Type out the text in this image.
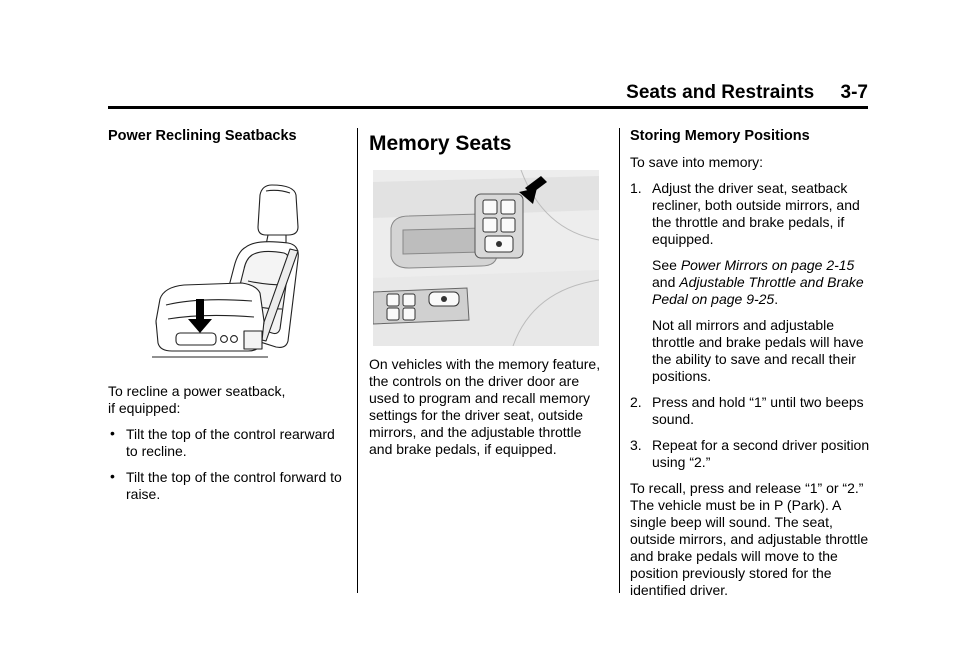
Seats and Restraints     3-7
Power Reclining Seatbacks

To recline a power seatback,
if equipped:

• Tilt the top of the control rearward to recline.
• Tilt the top of the control forward to raise.
Memory Seats

On vehicles with the memory feature, the controls on the driver door are used to program and recall memory settings for the driver seat, outside mirrors, and the adjustable throttle and brake pedals, if equipped.

Storing Memory Positions

To save into memory:

1. Adjust the driver seat, seatback recliner, both outside mirrors, and the throttle and brake pedals, if equipped.
See Power Mirrors on page 2-15 and Adjustable Throttle and Brake Pedal on page 9-25.
Not all mirrors and adjustable throttle and brake pedals will have the ability to save and recall their positions.
2. Press and hold “1” until two beeps sound.
3. Repeat for a second driver position using “2.”

To recall, press and release “1” or “2.” The vehicle must be in P (Park). A single beep will sound. The seat, outside mirrors, and adjustable throttle and brake pedals will move to the position previously stored for the identified driver.
